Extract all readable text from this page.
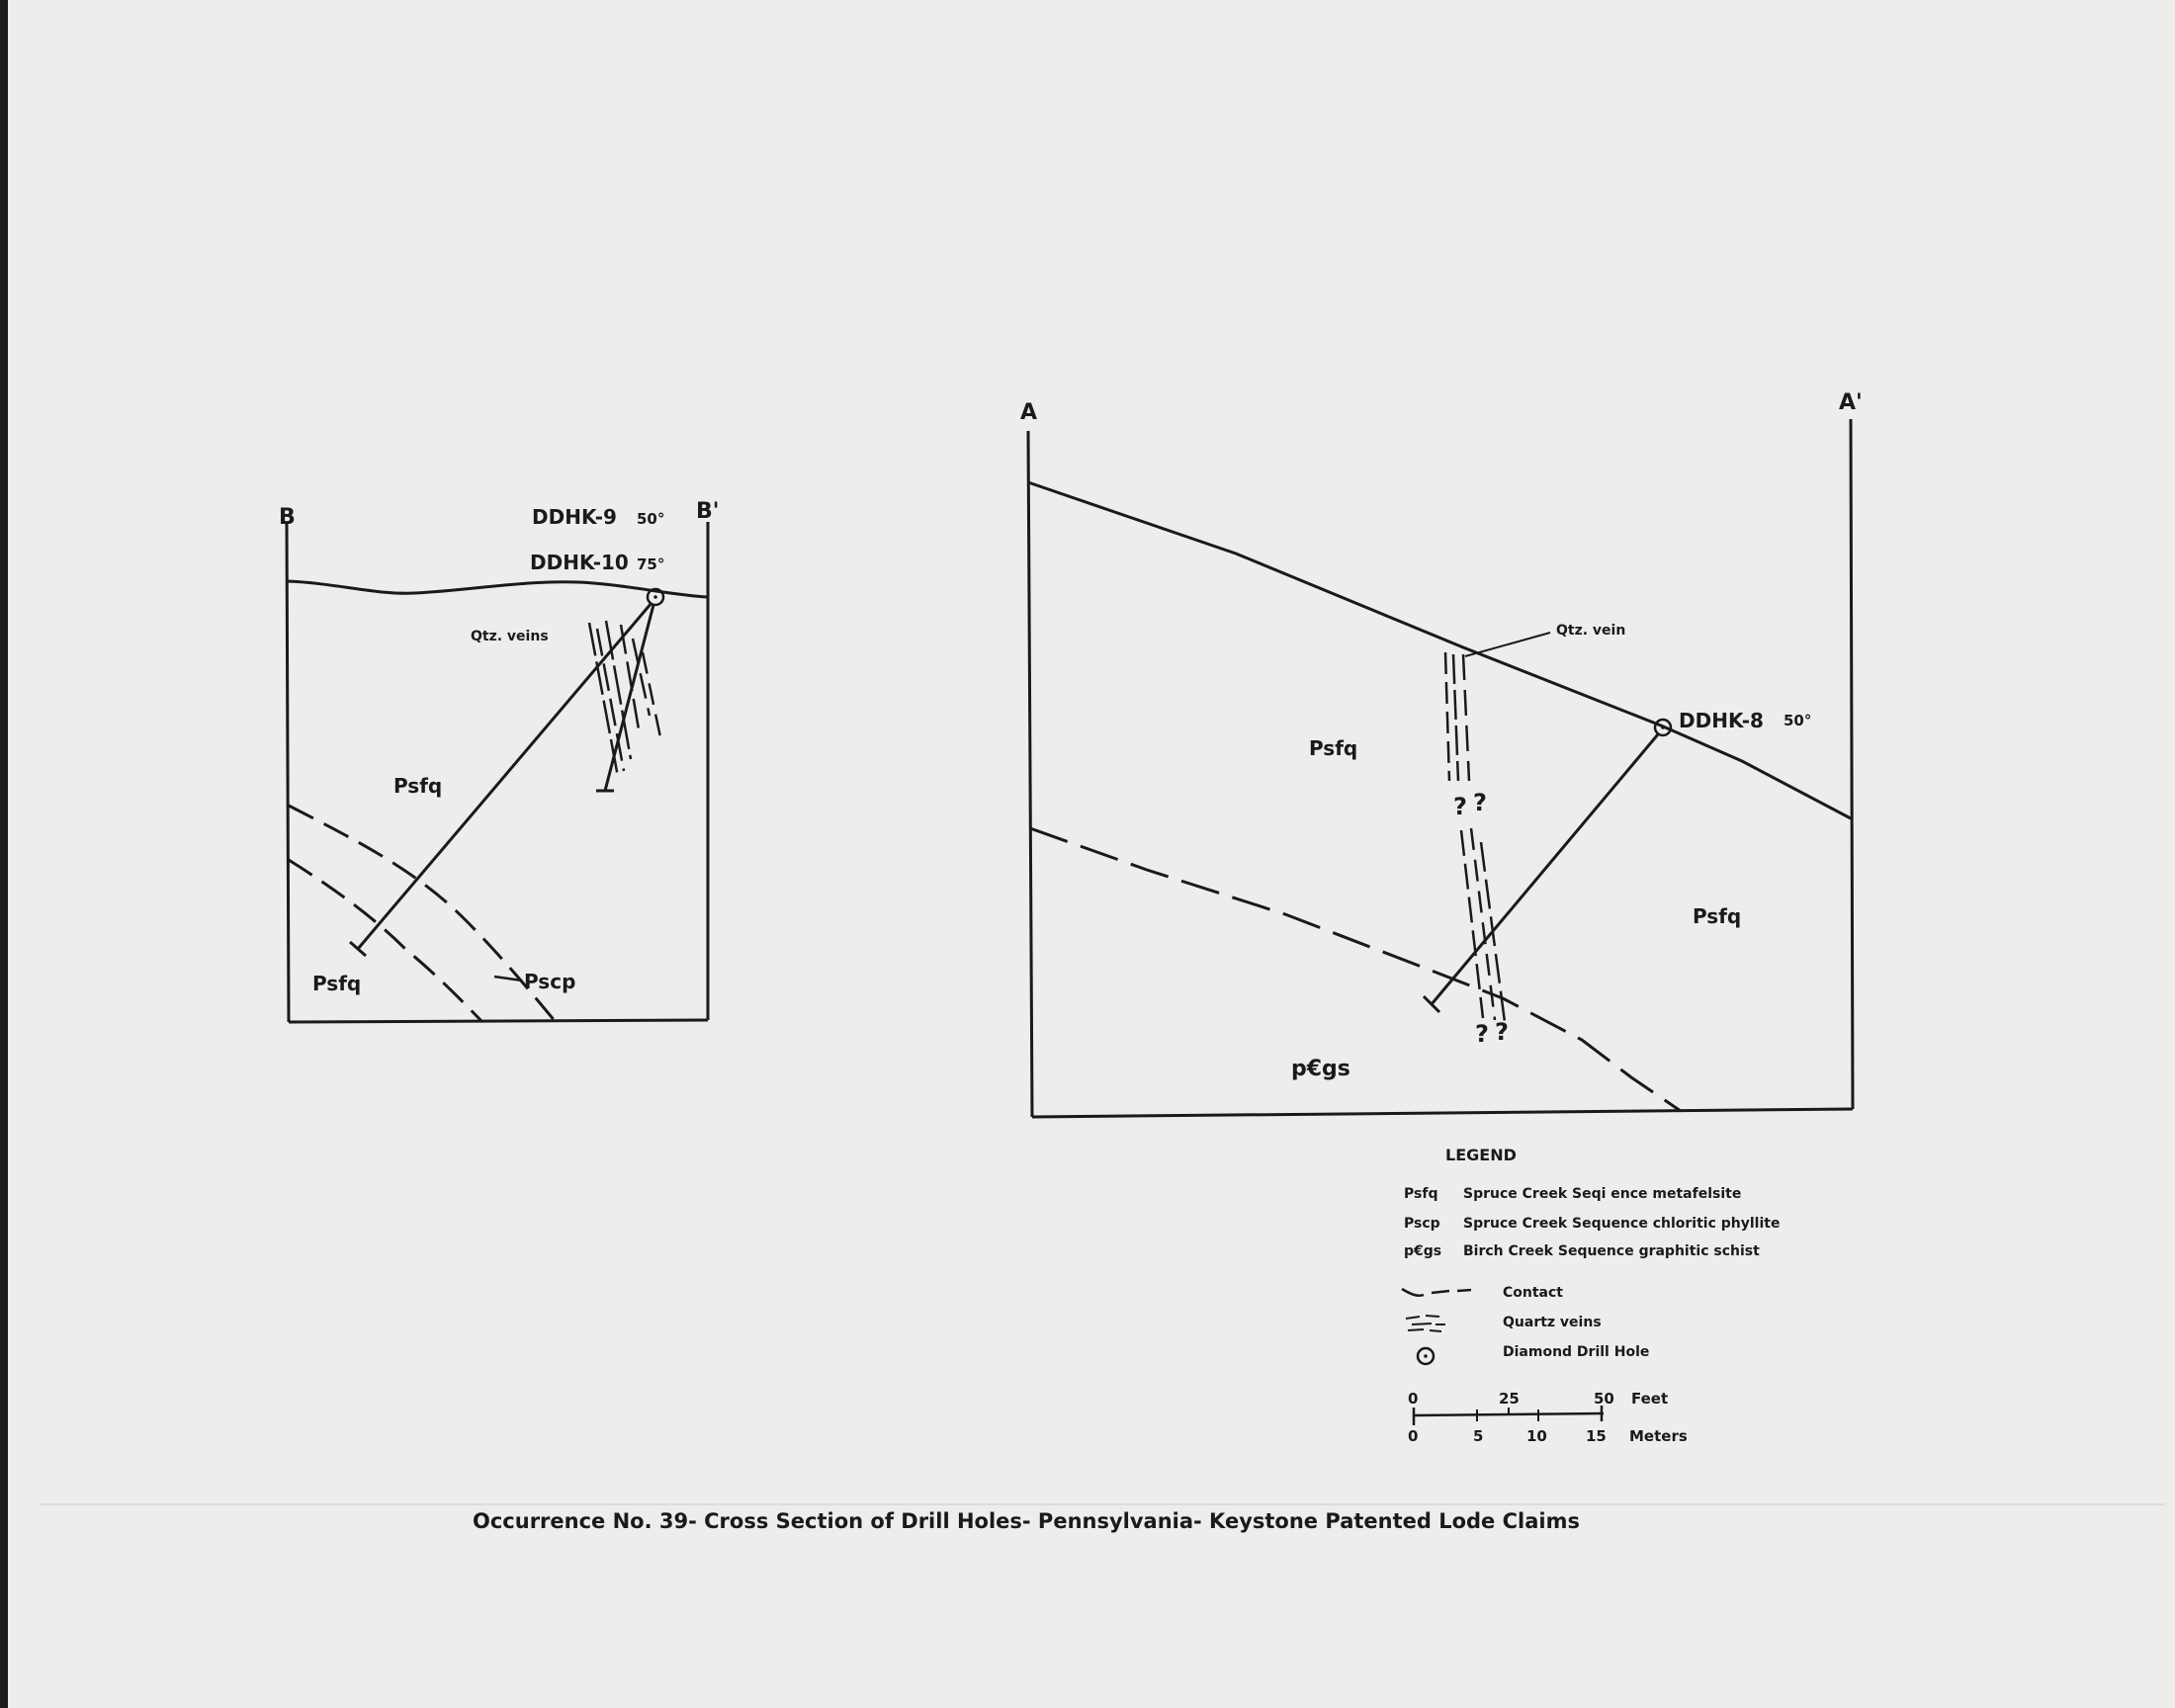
B	B'
DDHK-9 50°
DDHK-10 75°
Qtz. veins
Psfq
Psfq	Pscp
A	A'
DDHK-8 50°
Qtz. vein
? ?
? ?
Psfq
Psfq
p€gs
LEGEND
Psfq Spruce Creek Seqi ence metafelsite
Pscp Spruce Creek Sequence chloritic phyllite
p€gs Birch Creek Sequence graphitic schist
Contact
Quartz veins
Diamond Drill Hole
0	25	50 Feet
0	5	10	15 Meters
Occurrence No. 39- Cross Section of Drill Holes- Pennsylvania- Keystone Patented Lode Claims
